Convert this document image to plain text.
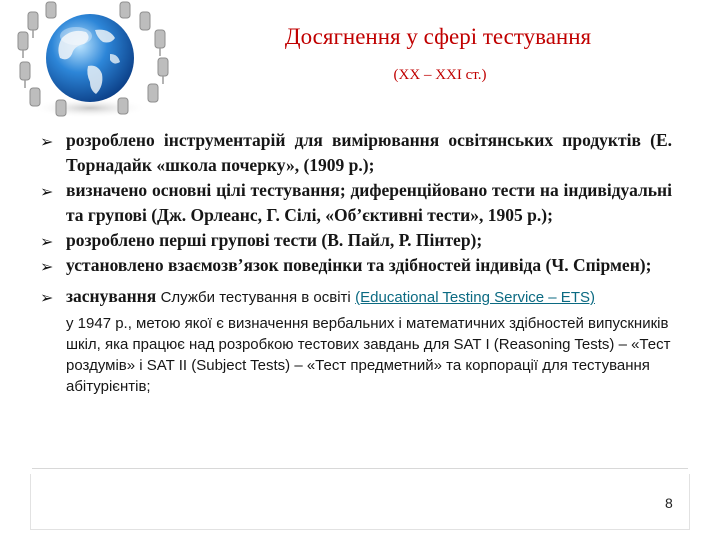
Досягнення у сфері тестування
(ХХ – ХХІ ст.)
➢ розроблено інструментарій для вимірювання освітянських продуктів (Е. Торнадайк «школа почерку», (1909 р.);
➢ визначено основні цілі тестування; диференційовано тести на індивідуальні та групові (Дж. Орлеанс, Г. Сілі, «Об’єктивні тести», 1905 р.);
➢ розроблено перші групові тести (В. Пайл, Р. Пінтер);
➢ установлено взаємозв’язок поведінки та здібностей індивіда (Ч. Спірмен);
➢ заснування Служби тестування в освіті (Educational Testing Service – ETS)
у 1947 р., метою якої є визначення вербальних і математичних здібностей випускників шкіл, яка працює над розробкою тестових завдань для SAT I (Reasoning Tests) – «Тест роздумів» і SAT II (Subject Tests) – «Тест предметний» та корпорації для тестування абітурієнтів;
8
